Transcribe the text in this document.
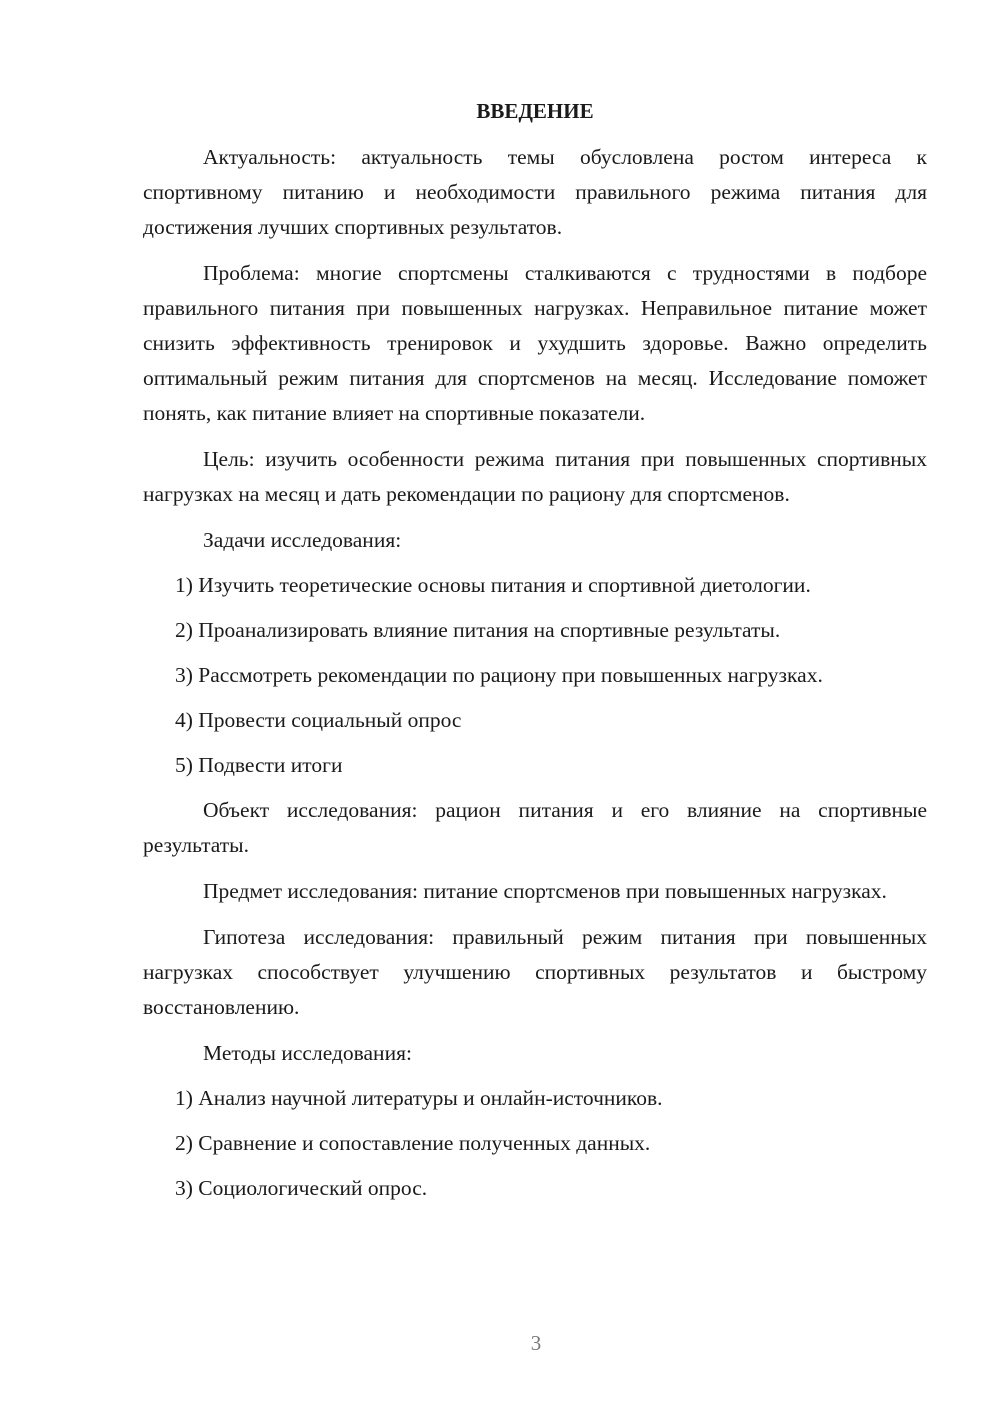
ВВЕДЕНИЕ

Актуальность: актуальность темы обусловлена ростом интереса к спортивному питанию и необходимости правильного режима питания для достижения лучших спортивных результатов.

Проблема: многие спортсмены сталкиваются с трудностями в подборе правильного питания при повышенных нагрузках. Неправильное питание может снизить эффективность тренировок и ухудшить здоровье. Важно определить оптимальный режим питания для спортсменов на месяц. Исследование поможет понять, как питание влияет на спортивные показатели.

Цель: изучить особенности режима питания при повышенных спортивных нагрузках на месяц и дать рекомендации по рациону для спортсменов.

Задачи исследования:

1) Изучить теоретические основы питания и спортивной диетологии.
2) Проанализировать влияние питания на спортивные результаты.
3) Рассмотреть рекомендации по рациону при повышенных нагрузках.
4) Провести социальный опрос
5) Подвести итоги

Объект исследования: рацион питания и его влияние на спортивные результаты.

Предмет исследования: питание спортсменов при повышенных нагрузках.

Гипотеза исследования: правильный режим питания при повышенных нагрузках способствует улучшению спортивных результатов и быстрому восстановлению.

Методы исследования:

1) Анализ научной литературы и онлайн-источников.
2) Сравнение и сопоставление полученных данных.
3) Социологический опрос.
3
